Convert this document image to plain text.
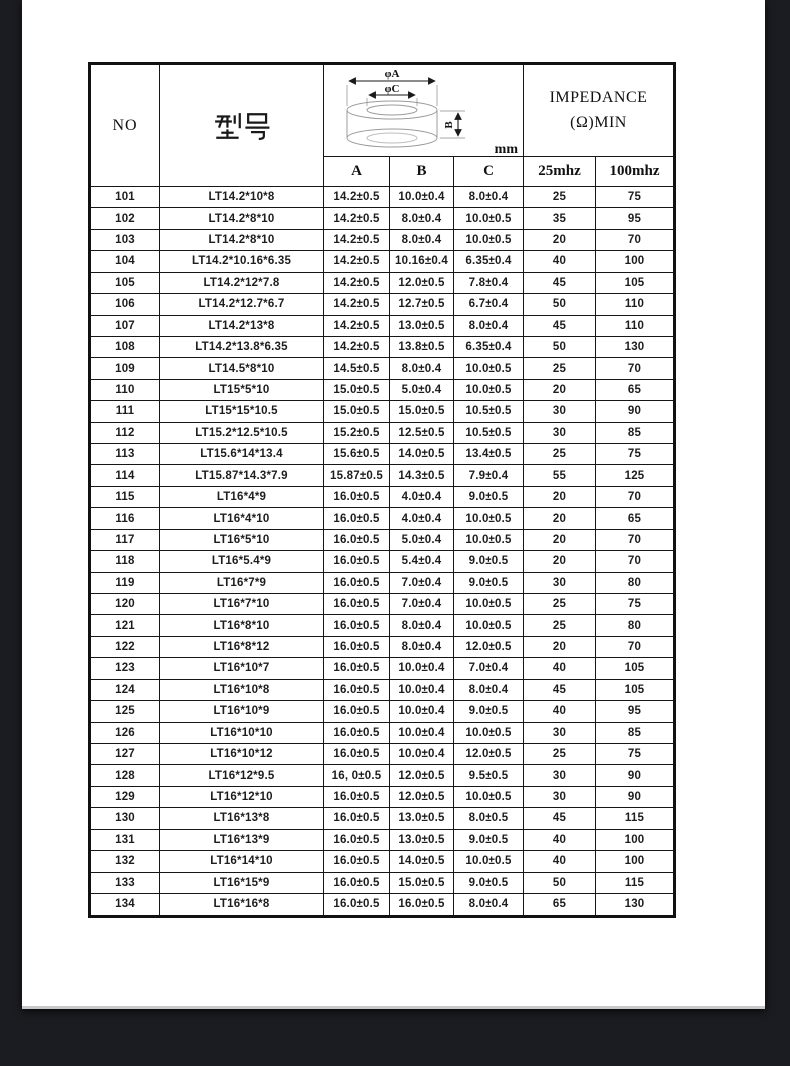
NO	

φA
φC
B
mm

IMPEDANCE
(Ω)MIN

		A	B	C	25mhz	100mhz
101	LT14.2*10*8	14.2±0.5	10.0±0.4	8.0±0.4	25	75
102	LT14.2*8*10	14.2±0.5	8.0±0.4	10.0±0.5	35	95
103	LT14.2*8*10	14.2±0.5	8.0±0.4	10.0±0.5	20	70
104	LT14.2*10.16*6.35	14.2±0.5	10.16±0.4	6.35±0.4	40	100
105	LT14.2*12*7.8	14.2±0.5	12.0±0.5	7.8±0.4	45	105
106	LT14.2*12.7*6.7	14.2±0.5	12.7±0.5	6.7±0.4	50	110
107	LT14.2*13*8	14.2±0.5	13.0±0.5	8.0±0.4	45	110
108	LT14.2*13.8*6.35	14.2±0.5	13.8±0.5	6.35±0.4	50	130
109	LT14.5*8*10	14.5±0.5	8.0±0.4	10.0±0.5	25	70
110	LT15*5*10	15.0±0.5	5.0±0.4	10.0±0.5	20	65
111	LT15*15*10.5	15.0±0.5	15.0±0.5	10.5±0.5	30	90
112	LT15.2*12.5*10.5	15.2±0.5	12.5±0.5	10.5±0.5	30	85
113	LT15.6*14*13.4	15.6±0.5	14.0±0.5	13.4±0.5	25	75
114	LT15.87*14.3*7.9	15.87±0.5	14.3±0.5	7.9±0.4	55	125
115	LT16*4*9	16.0±0.5	4.0±0.4	9.0±0.5	20	70
116	LT16*4*10	16.0±0.5	4.0±0.4	10.0±0.5	20	65
117	LT16*5*10	16.0±0.5	5.0±0.4	10.0±0.5	20	70
118	LT16*5.4*9	16.0±0.5	5.4±0.4	9.0±0.5	20	70
119	LT16*7*9	16.0±0.5	7.0±0.4	9.0±0.5	30	80
120	LT16*7*10	16.0±0.5	7.0±0.4	10.0±0.5	25	75
121	LT16*8*10	16.0±0.5	8.0±0.4	10.0±0.5	25	80
122	LT16*8*12	16.0±0.5	8.0±0.4	12.0±0.5	20	70
123	LT16*10*7	16.0±0.5	10.0±0.4	7.0±0.4	40	105
124	LT16*10*8	16.0±0.5	10.0±0.4	8.0±0.4	45	105
125	LT16*10*9	16.0±0.5	10.0±0.4	9.0±0.5	40	95
126	LT16*10*10	16.0±0.5	10.0±0.4	10.0±0.5	30	85
127	LT16*10*12	16.0±0.5	10.0±0.4	12.0±0.5	25	75
128	LT16*12*9.5	16, 0±0.5	12.0±0.5	9.5±0.5	30	90
129	LT16*12*10	16.0±0.5	12.0±0.5	10.0±0.5	30	90
130	LT16*13*8	16.0±0.5	13.0±0.5	8.0±0.5	45	115
131	LT16*13*9	16.0±0.5	13.0±0.5	9.0±0.5	40	100
132	LT16*14*10	16.0±0.5	14.0±0.5	10.0±0.5	40	100
133	LT16*15*9	16.0±0.5	15.0±0.5	9.0±0.5	50	115
134	LT16*16*8	16.0±0.5	16.0±0.5	8.0±0.4	65	130
